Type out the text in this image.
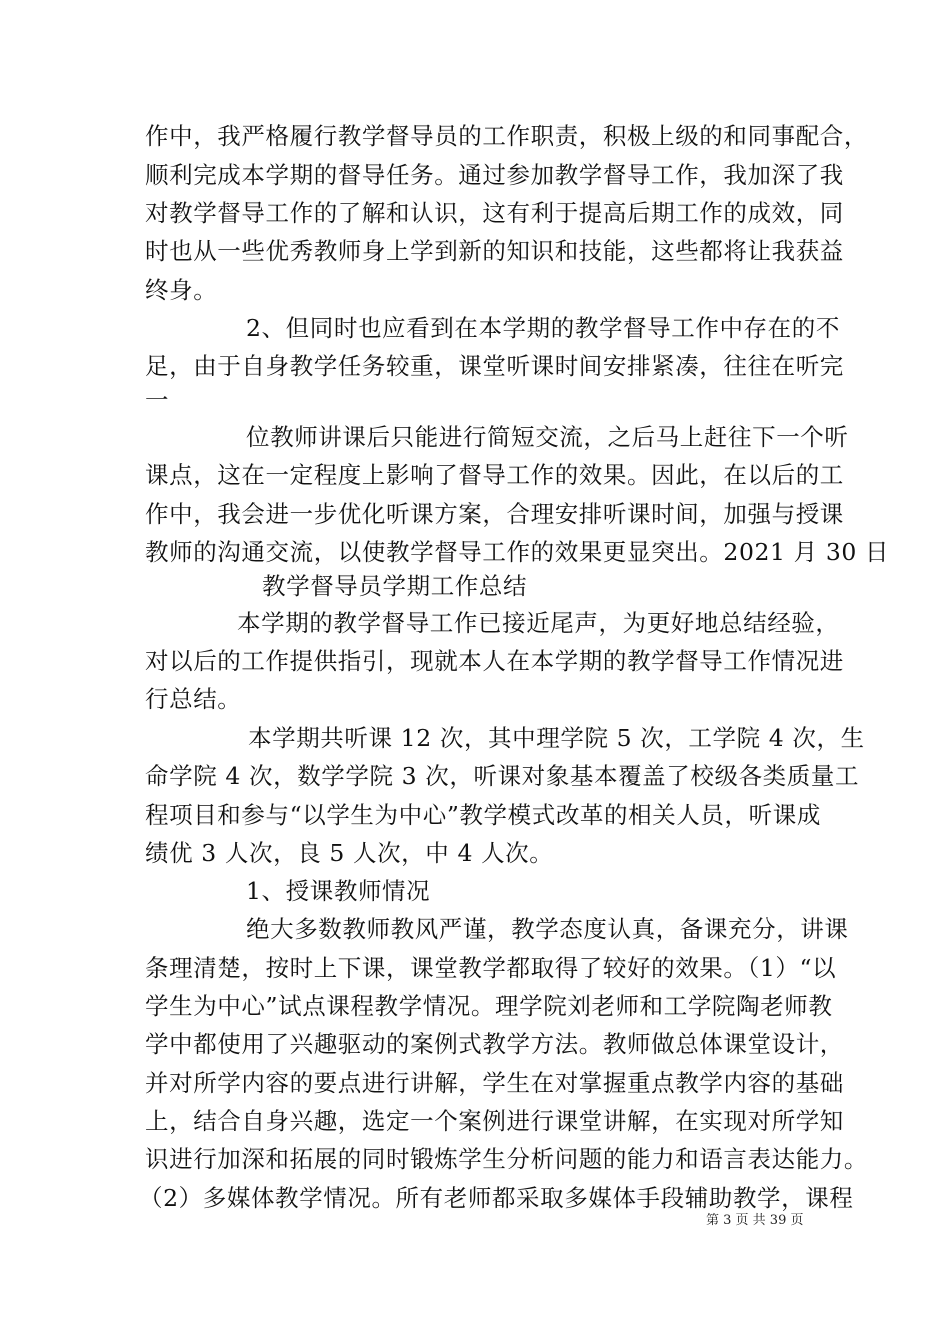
作中，我严格履行教学督导员的工作职责，积极上级的和同事配合，
顺利完成本学期的督导任务。通过参加教学督导工作，我加深了我
对教学督导工作的了解和认识，这有利于提高后期工作的成效，同
时也从一些优秀教师身上学到新的知识和技能，这些都将让我获益
终身。
2、但同时也应看到在本学期的教学督导工作中存在的不
足，由于自身教学任务较重，课堂听课时间安排紧凑，往往在听完
一
位教师讲课后只能进行简短交流，之后马上赶往下一个听
课点，这在一定程度上影响了督导工作的效果。因此，在以后的工
作中，我会进一步优化听课方案，合理安排听课时间，加强与授课
教师的沟通交流，以使教学督导工作的效果更显突出。2021 月 30 日
教学督导员学期工作总结
本学期的教学督导工作已接近尾声，为更好地总结经验，
对以后的工作提供指引，现就本人在本学期的教学督导工作情况进
行总结。
本学期共听课 12 次，其中理学院 5 次，工学院 4 次，生
命学院 4 次，数学学院 3 次，听课对象基本覆盖了校级各类质量工
程项目和参与“以学生为中心”教学模式改革的相关人员，听课成
绩优 3 人次，良 5 人次，中 4 人次。
1、授课教师情况
绝大多数教师教风严谨，教学态度认真，备课充分，讲课
条理清楚，按时上下课，课堂教学都取得了较好的效果。（1）“以
学生为中心”试点课程教学情况。理学院刘老师和工学院陶老师教
学中都使用了兴趣驱动的案例式教学方法。教师做总体课堂设计，
并对所学内容的要点进行讲解，学生在对掌握重点教学内容的基础
上，结合自身兴趣，选定一个案例进行课堂讲解，在实现对所学知
识进行加深和拓展的同时锻炼学生分析问题的能力和语言表达能力。
（2）多媒体教学情况。所有老师都采取多媒体手段辅助教学，课程
第 3 页 共 39 页
